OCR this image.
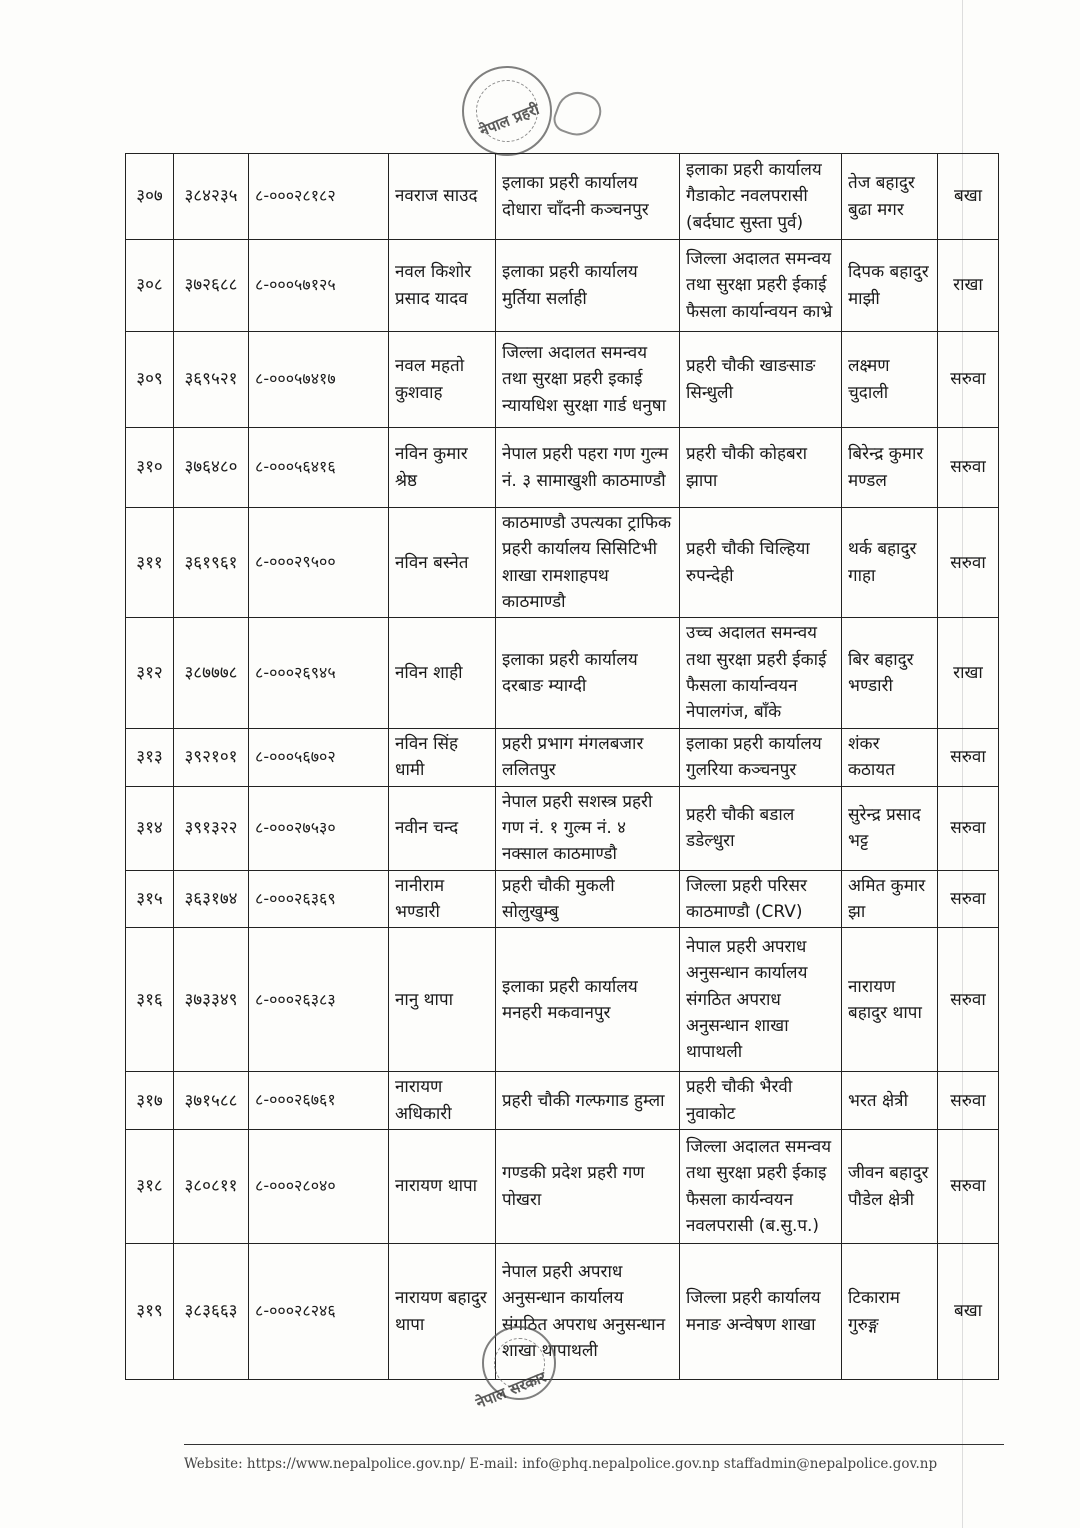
नेपाल प्रहरी
३०७	३८४२३५	८-०००२८१८२	नवराज साउद	इलाका प्रहरी कार्यालय दोधारा चाँदनी कञ्चनपुर	इलाका प्रहरी कार्यालय गैडाकोट नवलपरासी (बर्दघाट सुस्ता पुर्व)	तेज बहादुर बुढा मगर	बखा
३०८	३७२६८८	८-०००५७१२५	नवल किशोर प्रसाद यादव	इलाका प्रहरी कार्यालय मुर्तिया सर्लाही	जिल्ला अदालत समन्वय तथा सुरक्षा प्रहरी ईकाई फैसला कार्यान्वयन काभ्रे	दिपक बहादुर माझी	राखा
३०९	३६९५२१	८-०००५७४१७	नवल महतो कुशवाह	जिल्ला अदालत समन्वय तथा सुरक्षा प्रहरी इकाई न्यायधिश सुरक्षा गार्ड धनुषा	प्रहरी चौकी खाङसाङ सिन्धुली	लक्ष्मण चुदाली	सरुवा
३१०	३७६४८०	८-०००५६४१६	नविन कुमार श्रेष्ठ	नेपाल प्रहरी पहरा गण गुल्म नं. ३ सामाखुशी काठमाण्डौ	प्रहरी चौकी कोहबरा झापा	बिरेन्द्र कुमार मण्डल	सरुवा
३११	३६१९६१	८-०००२९५००	नविन बस्नेत	काठमाण्डौ उपत्यका ट्राफिक प्रहरी कार्यालय सिसिटिभी शाखा रामशाहपथ काठमाण्डौ	प्रहरी चौकी चिल्हिया रुपन्देही	थर्क बहादुर गाहा	सरुवा
३१२	३८७७७८	८-०००२६९४५	नविन शाही	इलाका प्रहरी कार्यालय दरबाङ म्याग्दी	उच्च अदालत समन्वय तथा सुरक्षा प्रहरी ईकाई फैसला कार्यान्वयन नेपालगंज, बाँके	बिर बहादुर भण्डारी	राखा
३१३	३९२१०१	८-०००५६७०२	नविन सिंह धामी	प्रहरी प्रभाग मंगलबजार ललितपुर	इलाका प्रहरी कार्यालय गुलरिया कञ्चनपुर	शंकर कठायत	सरुवा
३१४	३९१३२२	८-०००२७५३०	नवीन चन्द	नेपाल प्रहरी सशस्त्र प्रहरी गण नं. १ गुल्म नं. ४ नक्साल काठमाण्डौ	प्रहरी चौकी बडाल डडेल्धुरा	सुरेन्द्र प्रसाद भट्ट	सरुवा
३१५	३६३१७४	८-०००२६३६९	नानीराम भण्डारी	प्रहरी चौकी मुकली सोलुखुम्बु	जिल्ला प्रहरी परिसर काठमाण्डौ (CRV)	अमित कुमार झा	सरुवा
३१६	३७३३४९	८-०००२६३८३	नानु थापा	इलाका प्रहरी कार्यालय मनहरी मकवानपुर	नेपाल प्रहरी अपराध अनुसन्धान कार्यालय संगठित अपराध अनुसन्धान शाखा थापाथली	नारायण बहादुर थापा	सरुवा
३१७	३७१५८८	८-०००२६७६१	नारायण अधिकारी	प्रहरी चौकी गल्फगाड हुम्ला	प्रहरी चौकी भैरवी नुवाकोट	भरत क्षेत्री	सरुवा
३१८	३८०८११	८-०००२८०४०	नारायण थापा	गण्डकी प्रदेश प्रहरी गण पोखरा	जिल्ला अदालत समन्वय तथा सुरक्षा प्रहरी ईकाइ फैसला कार्यन्वयन नवलपरासी (ब.सु.प.)	जीवन बहादुर पौडेल क्षेत्री	सरुवा
३१९	३८३६६३	८-०००२८२४६	नारायण बहादुर थापा	नेपाल प्रहरी अपराध अनुसन्धान कार्यालय संगठित अपराध अनुसन्धान शाखा थापाथली	जिल्ला प्रहरी कार्यालय मनाङ अन्वेषण शाखा	टिकाराम गुरुङ्ग	बखा
नेपाल सरकार
Website: https://www.nepalpolice.gov.np/ E-mail: info@phq.nepalpolice.gov.np staffadmin@nepalpolice.gov.np
